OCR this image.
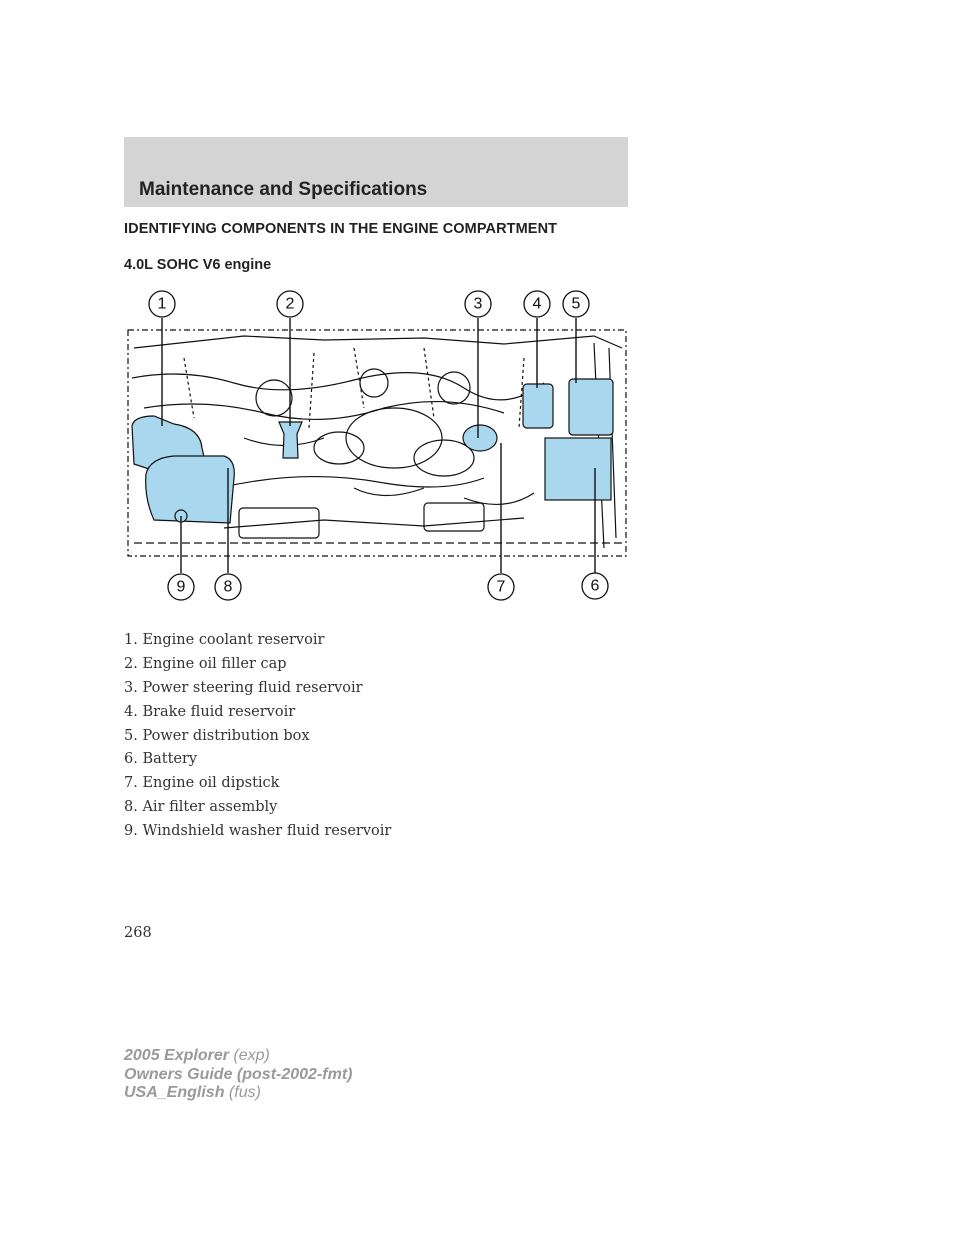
Maintenance and Specifications
IDENTIFYING COMPONENTS IN THE ENGINE COMPARTMENT
4.0L SOHC V6 engine
1	2	3	4 5
6
7
8
9
1. Engine coolant reservoir
2. Engine oil filler cap
3. Power steering fluid reservoir
4. Brake fluid reservoir
5. Power distribution box
6. Battery
7. Engine oil dipstick
8. Air filter assembly
9. Windshield washer fluid reservoir
268
2005 Explorer (exp)
Owners Guide (post-2002-fmt)
USA_English (fus)
